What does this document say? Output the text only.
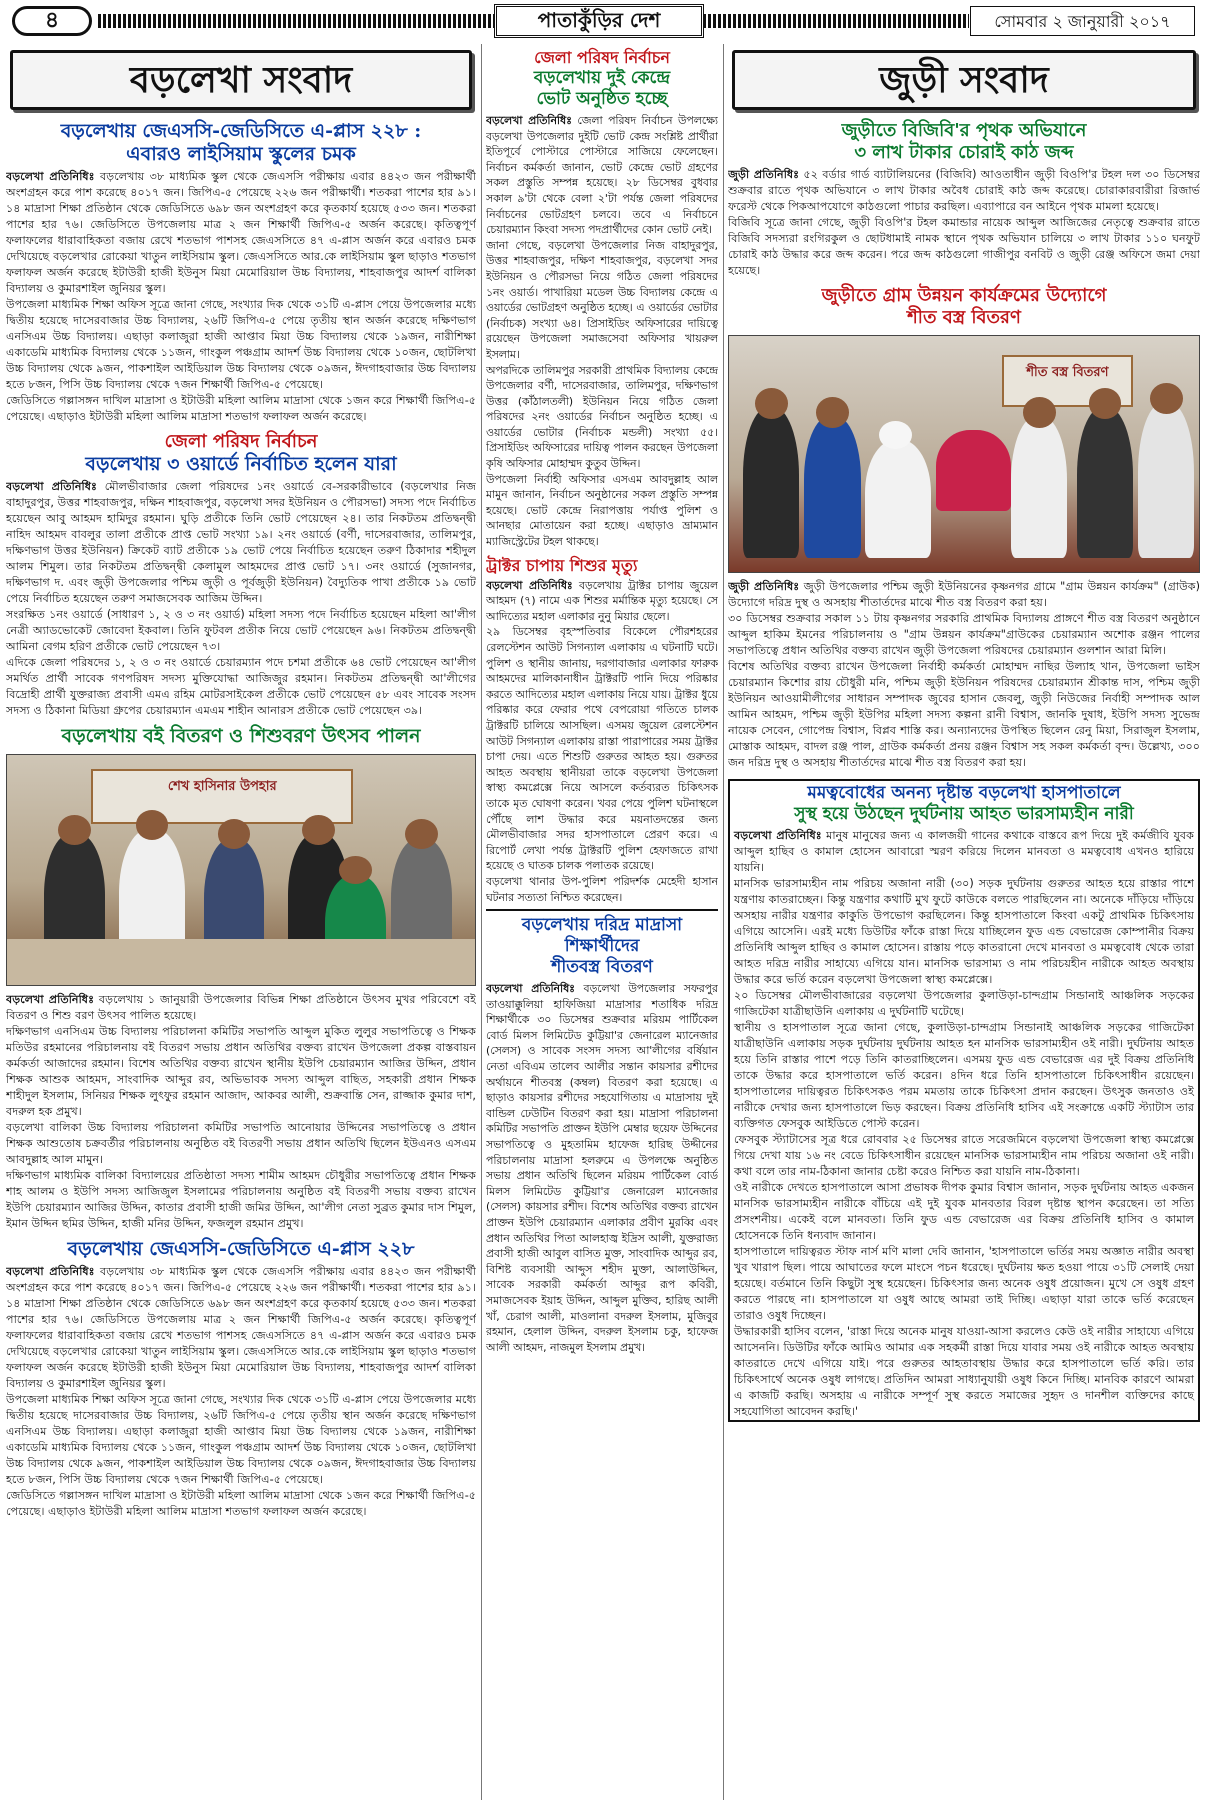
৪	পাতাকুঁড়ির দেশ	সোমবার ২ জানুয়ারী ২০১৭
বড়লেখা সংবাদ
বড়লেখায় জেএসসি-জেডিসিতে এ-প্লাস ২২৮ :
এবারও লাইসিয়াম স্কুলের চমক

বড়লেখা প্রতিনিধিঃ বড়লেখায় ৩৮ মাধ্যমিক স্কুল থেকে জেএসসি পরীক্ষায় এবার ৪৪২৩ জন পরীক্ষার্থী অংশগ্রহন করে পাশ করেছে ৪০১৭ জন। জিপিএ-৫ পেয়েছে ২২৬ জন পরীক্ষার্থী। শতকরা পাশের হার ৯১। ১৪ মাদ্রাসা শিক্ষা প্রতিষ্ঠান থেকে জেডিসিতে ৬৯৮ জন অংশগ্রহণ করে কৃতকার্য হয়েছে ৫৩৩ জন। শতকরা পাশের হার ৭৬। জেডিসিতে উপজেলায় মাত্র ২ জন শিক্ষার্থী জিপিএ-৫ অর্জন করেছে। কৃতিত্বপূর্ণ ফলাফলের ধারাবাহিকতা বজায় রেখে শতভাগ পাশসহ জেএসসিতে ৪৭ এ-প্লাস অর্জন করে এবারও চমক দেখিয়েছে বড়লেখার রোকেয়া খাতুন লাইসিয়াম স্কুল। জেএসসিতে আর.কে লাইসিয়াম স্কুল ছাড়াও শতভাগ ফলাফল অর্জন করেছে ইটাউরী হাজী ইউনুস মিয়া মেমোরিয়াল উচ্চ বিদ্যালয়, শাহবাজপুর আদর্শ বালিকা বিদ্যালয় ও কুমারশাইল জুনিয়র স্কুল।

উপজেলা মাধ্যমিক শিক্ষা অফিস সূত্রে জানা গেছে, সংখ্যার দিক থেকে ৩১টি এ-প্লাস পেয়ে উপজেলার মধ্যে দ্বিতীয় হয়েছে দাসেরবাজার উচ্চ বিদ্যালয়, ২৬টি জিপিএ-৫ পেয়ে তৃতীয় স্থান অর্জন করেছে দক্ষিণভাগ এনসিএম উচ্চ বিদ্যালয়। এছাড়া কলাজুরা হাজী আপ্তাব মিয়া উচ্চ বিদ্যালয় থেকে ১৯জন, নারীশিক্ষা একাডেমি মাধ্যমিক বিদ্যালয় থেকে ১১জন, গাংকুল পঞ্চগ্রাম আদর্শ উচ্চ বিদ্যালয় থেকে ১০জন, ছোটলিখা উচ্চ বিদ্যালয় থেকে ৯জন, পাকশাইল আইডিয়াল উচ্চ বিদ্যালয় থেকে ০৯জন, ঈদগাহবাজার উচ্চ বিদ্যালয় হতে ৮জন, পিসি উচ্চ বিদ্যালয় থেকে ৭জন শিক্ষার্থী জিপিএ-৫ পেয়েছে।

জেডিসিতে গল্লাসঙ্গন দাখিল মাদ্রাসা ও ইটাউরী মহিলা আলিম মাদ্রাসা থেকে ১জন করে শিক্ষার্থী জিপিএ-৫ পেয়েছে। এছাড়াও ইটাউরী মহিলা আলিম মাদ্রাসা শতভাগ ফলাফল অর্জন করেছে।

জেলা পরিষদ নির্বাচন
বড়লেখায় ৩ ওয়ার্ডে নির্বাচিত হলেন যারা

বড়লেখা প্রতিনিধিঃ মৌলভীবাজার জেলা পরিষদের ১নং ওয়ার্ডে বে-সরকারীভাবে (বড়লেখার নিজ বাহাদুরপুর, উত্তর শাহবাজপুর, দক্ষিন শাহবাজপুর, বড়লেখা সদর ইউনিয়ন ও পৌরসভা) সদস্য পদে নির্বাচিত হয়েছেন আবু আহমদ হামিদুর রহমান। ঘুড়ি প্রতীকে তিনি ভোট পেয়েছেন ২৪। তার নিকটতম প্রতিদ্বন্দ্বী নাহিদ আহমদ বাবলুর তালা প্রতীকে প্রাপ্ত ভোট সংখ্যা ১৯। ২নং ওয়ার্ডে (বর্ণী, দাসেরবাজার, তালিমপুর, দক্ষিণভাগ উত্তর ইউনিয়ন) ক্রিকেট ব্যাট প্রতীকে ১৯ ভোট পেয়ে নির্বাচিত হয়েছেন তরুণ ঠিকাদার শহীদুল আলম শিমুল। তার নিকটতম প্রতিদ্বন্দ্বী কেলামুল আহমদের প্রাপ্ত ভোট ১৭। ৩নং ওয়ার্ডে (সুজানগর, দক্ষিণভাগ দ. এবং জুড়ী উপজেলার পশ্চিম জুড়ী ও পূর্বজুড়ী ইউনিয়ন) বৈদ্যুতিক পাখা প্রতীকে ১৯ ভোট পেয়ে নির্বাচিত হয়েছেন তরুণ সমাজসেবক আজিম উদ্দিন।

সংরক্ষিত ১নং ওয়ার্ডে (সাধারণ ১, ২ ও ৩ নং ওয়ার্ড) মহিলা সদস্য পদে নির্বাচিত হয়েছেন মহিলা আ'লীগ নেত্রী অ্যাডভোকেট জোবেদা ইকবাল। তিনি ফুটবল প্রতীক নিয়ে ভোট পেয়েছেন ৯৬। নিকটতম প্রতিদ্বন্দ্বী আমিনা বেগম হরিণ প্রতীকে ভোট পেয়েছেন ৭৩।

এদিকে জেলা পরিষদের ১, ২ ও ৩ নং ওয়ার্ডে চেয়ারম্যান পদে চশমা প্রতীকে ৬৪ ভোট পেয়েছেন আ'লীগ সমর্থিত প্রার্থী সাবেক গণপরিষদ সদস্য মুক্তিযোদ্ধা আজিজুর রহমান। নিকটতম প্রতিদ্বন্দ্বী আ'লীগের বিদ্রোহী প্রার্থী যুক্তরাজ্য প্রবাসী এমএ রহিম মোটরসাইকেল প্রতীকে ভোট পেয়েছেন ৫৮ এবং সাবেক সংসদ সদস্য ও ঠিকানা মিডিয়া গ্রুপের চেয়ারম্যান এমএম শাহীন আনারস প্রতীকে ভোট পেয়েছেন ৩৯।

বড়লেখায় বই বিতরণ ও শিশুবরণ উৎসব পালন
শেখ হাসিনার উপহার

বড়লেখা প্রতিনিধিঃ বড়লেখায় ১ জানুয়ারী উপজেলার বিভিন্ন শিক্ষা প্রতিষ্ঠানে উৎসব মুখর পরিবেশে বই বিতরণ ও শিশু বরণ উৎসব পালিত হয়েছে।

দক্ষিণভাগ এনসিএম উচ্চ বিদ্যালয় পরিচালনা কমিটির সভাপতি আব্দুল মুকিত লুলুর সভাপতিত্বে ও শিক্ষক মতিউর রহমানের পরিচালনায় বই বিতরণ সভায় প্রধান অতিথির বক্তব্য রাখেন উপজেলা প্রকল্প বাস্তবায়ন কর্মকর্তা আজাদের রহমান। বিশেষ অতিথির বক্তব্য রাখেন স্থানীয় ইউপি চেয়ারম্যান আজির উদ্দিন, প্রধান শিক্ষক আশুক আহমদ, সাংবাদিক আব্দুর রব, অভিভাবক সদস্য আব্দুল বাছিত, সহকারী প্রধান শিক্ষক শাহীদুল ইসলাম, সিনিয়র শিক্ষক লুৎফুর রহমান আজাদ, আকবর আলী, শুক্রবান্তি সেন, রাজ্জাক কুমার দাশ, বদরুল হক প্রমুখ।

বড়লেখা বালিকা উচ্চ বিদ্যালয় পরিচালনা কমিটির সভাপতি আনোয়ার উদ্দিনের সভাপতিত্বে ও প্রধান শিক্ষক আশুতোষ চক্রবর্তীর পরিচালনায় অনুষ্ঠিত বই বিতরণী সভায় প্রধান অতিথি ছিলেন ইউএনও এসএম আবদুল্লাহ আল মামুন।

দক্ষিণভাগ মাধ্যমিক বালিকা বিদ্যালয়ের প্রতিষ্ঠাতা সদস্য শামীম আহমদ চৌধুরীর সভাপতিত্বে প্রধান শিক্ষক শাহ আলম ও ইউপি সদস্য আজিজুল ইসলামের পরিচালনায় অনুষ্ঠিত বই বিতরণী সভায় বক্তব্য রাখেন ইউপি চেয়ারম্যান আজির উদ্দিন, কাতার প্রবাসী হাজী জমির উদ্দিন, আ'লীগ নেতা সুব্রত কুমার দাস শিমুল, ইমান উদ্দিন ছমির উদ্দিন, হাজী মনির উদ্দিন, ফজলুল রহমান প্রমুখ।

বড়লেখায় জেএসসি-জেডিসিতে এ-প্লাস ২২৮

বড়লেখা প্রতিনিধিঃ বড়লেখায় ৩৮ মাধ্যমিক স্কুল থেকে জেএসসি পরীক্ষায় এবার ৪৪২৩ জন পরীক্ষার্থী অংশগ্রহন করে পাশ করেছে ৪০১৭ জন। জিপিএ-৫ পেয়েছে ২২৬ জন পরীক্ষার্থী। শতকরা পাশের হার ৯১। ১৪ মাদ্রাসা শিক্ষা প্রতিষ্ঠান থেকে জেডিসিতে ৬৯৮ জন অংশগ্রহণ করে কৃতকার্য হয়েছে ৫৩৩ জন। শতকরা পাশের হার ৭৬। জেডিসিতে উপজেলায় মাত্র ২ জন শিক্ষার্থী জিপিএ-৫ অর্জন করেছে। কৃতিত্বপূর্ণ ফলাফলের ধারাবাহিকতা বজায় রেখে শতভাগ পাশসহ জেএসসিতে ৪৭ এ-প্লাস অর্জন করে এবারও চমক দেখিয়েছে বড়লেখার রোকেয়া খাতুন লাইসিয়াম স্কুল। জেএসসিতে আর.কে লাইসিয়াম স্কুল ছাড়াও শতভাগ ফলাফল অর্জন করেছে ইটাউরী হাজী ইউনুস মিয়া মেমোরিয়াল উচ্চ বিদ্যালয়, শাহবাজপুর আদর্শ বালিকা বিদ্যালয় ও কুমারশাইল জুনিয়র স্কুল।

উপজেলা মাধ্যমিক শিক্ষা অফিস সূত্রে জানা গেছে, সংখ্যার দিক থেকে ৩১টি এ-প্লাস পেয়ে উপজেলার মধ্যে দ্বিতীয় হয়েছে দাসেরবাজার উচ্চ বিদ্যালয়, ২৬টি জিপিএ-৫ পেয়ে তৃতীয় স্থান অর্জন করেছে দক্ষিণভাগ এনসিএম উচ্চ বিদ্যালয়। এছাড়া কলাজুরা হাজী আপ্তাব মিয়া উচ্চ বিদ্যালয় থেকে ১৯জন, নারীশিক্ষা একাডেমি মাধ্যমিক বিদ্যালয় থেকে ১১জন, গাংকুল পঞ্চগ্রাম আদর্শ উচ্চ বিদ্যালয় থেকে ১০জন, ছোটলিখা উচ্চ বিদ্যালয় থেকে ৯জন, পাকশাইল আইডিয়াল উচ্চ বিদ্যালয় থেকে ০৯জন, ঈদগাহবাজার উচ্চ বিদ্যালয় হতে ৮জন, পিসি উচ্চ বিদ্যালয় থেকে ৭জন শিক্ষার্থী জিপিএ-৫ পেয়েছে।

জেডিসিতে গল্লাসঙ্গন দাখিল মাদ্রাসা ও ইটাউরী মহিলা আলিম মাদ্রাসা থেকে ১জন করে শিক্ষার্থী জিপিএ-৫ পেয়েছে। এছাড়াও ইটাউরী মহিলা আলিম মাদ্রাসা শতভাগ ফলাফল অর্জন করেছে।

জেলা পরিষদ নির্বাচন
বড়লেখায় দুই কেন্দ্রে
ভোট অনুষ্ঠিত হচ্ছে

বড়লেখা প্রতিনিধিঃ জেলা পরিষদ নির্বাচন উপলক্ষ্যে বড়লেখা উপজেলার দুইটি ভোট কেন্দ্র সংশ্লিষ্ট প্রার্থীরা ইতিপূর্বে পোস্টারে পোস্টারে সাজিয়ে ফেলেছেন। নির্বাচন কর্মকর্তা জানান, ভোট কেন্দ্রে ভোট গ্রহণের সকল প্রস্তুতি সম্পন্ন হয়েছে। ২৮ ডিসেম্বর বুধবার সকাল ৯'টা থেকে বেলা ২'টা পর্যন্ত জেলা পরিষদের নির্বাচনের ভোটগ্রহণ চলবে। তবে এ নির্বাচনে চেয়ারম্যান কিংবা সদস্য পদপ্রার্থীদের কোন ভোট নেই।

জানা গেছে, বড়লেখা উপজেলার নিজ বাহাদুরপুর, উত্তর শাহবাজপুর, দক্ষিণ শাহবাজপুর, বড়লেখা সদর ইউনিয়ন ও পৌরসভা নিয়ে গঠিত জেলা পরিষদের ১নং ওয়ার্ড। পাখারিয়া মডেল উচ্চ বিদ্যালয় কেন্দ্রে এ ওয়ার্ডের ভোটগ্রহণ অনুষ্ঠিত হচ্ছে। এ ওয়ার্ডের ভোটার (নির্বাচক) সংখ্যা ৬৪। প্রিসাইডিং অফিসারের দায়িত্বে রয়েছেন উপজেলা সমাজসেবা অফিসার খায়রুল ইসলাম।

অপরদিকে তালিমপুর সরকারী প্রাথমিক বিদ্যালয় কেন্দ্রে উপজেলার বর্ণী, দাসেরবাজার, তালিমপুর, দক্ষিণভাগ উত্তর (কাঁঠালতলী) ইউনিয়ন নিয়ে গঠিত জেলা পরিষদের ২নং ওয়ার্ডের নির্বাচন অনুষ্ঠিত হচ্ছে। এ ওয়ার্ডের ভোটার (নির্বাচক মন্ডলী) সংখ্যা ৫৫। প্রিসাইডিং অফিসারের দায়িত্ব পালন করছেন উপজেলা কৃষি অফিসার মোহাম্মদ কুতুব উদ্দিন।

উপজেলা নির্বাহী অফিসার এসএম আবদুল্লাহ আল মামুন জানান, নির্বাচন অনুষ্ঠানের সকল প্রস্তুতি সম্পন্ন হয়েছে। ভোট কেন্দ্রে নিরাপত্তায় পর্যাপ্ত পুলিশ ও আনছার মোতায়েন করা হচ্ছে। এছাড়াও ভ্রাম্যমান ম্যাজিস্ট্রেটের টহল থাকছে।

ট্রাক্টর চাপায় শিশুর মৃত্যু

বড়লেখা প্রতিনিধিঃ বড়লেখায় ট্রাক্টর চাপায় জুয়েল আহমদ (৭) নামে এক শিশুর মর্মান্তিক মৃত্যু হয়েছে। সে আদিত্যের মহাল এলাকার নুনু মিয়ার ছেলে।

২৯ ডিসেম্বর বৃহস্পতিবার বিকেলে পৌরশহরের রেলস্টেশন আউট সিগন্যাল এলাকায় এ ঘটনাটি ঘটে। পুলিশ ও স্থানীয় জানায়, দরগাবাজার এলাকার ফারুক আহমদের মালিকানাধীন ট্রাক্টরটি পানি দিয়ে পরিষ্কার করতে আদিত্যের মহাল এলাকায় নিয়ে যায়। ট্রাক্টর ধুয়ে পরিষ্কার করে ফেরার পথে বেপরোয়া গতিতে চালক ট্রাক্টরটি চালিয়ে আসছিল। এসময় জুয়েল রেলস্টেশন আউট সিগন্যাল এলাকায় রাস্তা পারাপারের সময় ট্রাক্টর চাপা দেয়। এতে শিশুটি গুরুতর আহত হয়। গুরুতর আহত অবস্থায় স্থানীয়রা তাকে বড়লেখা উপজেলা স্বাস্থ্য কমপ্লেক্সে নিয়ে আসলে কর্তব্যরত চিকিৎসক তাকে মৃত ঘোষণা করেন। খবর পেয়ে পুলিশ ঘটনাস্থলে পৌঁছে লাশ উদ্ধার করে ময়নাতদন্তের জন্য মৌলভীবাজার সদর হাসপাতালে প্রেরণ করে। এ রিপোর্ট লেখা পর্যন্ত ট্রাক্টরটি পুলিশ হেফাজতে রাখা হয়েছে ও ঘাতক চালক পলাতক রয়েছে।

বড়লেখা থানার উপ-পুলিশ পরিদর্শক মেহেদী হাসান ঘটনার সত্যতা নিশ্চিত করেছেন।

বড়লেখায় দরিদ্র মাদ্রাসা
শিক্ষার্থীদের
শীতবস্ত্র বিতরণ

বড়লেখা প্রতিনিধিঃ বড়লেখা উপজেলার সফরপুর তাওয়াক্কুলিয়া হাফিজিয়া মাদ্রাসার শতাধিক দরিদ্র শিক্ষার্থীকে ৩০ ডিসেম্বর শুক্রবার মরিয়ম পার্টিকেল বোর্ড মিলস লিমিটেড কুট্টিয়া'র জেনারেল ম্যানেজার (সেলস) ও সাবেক সংসদ সদস্য আ'লীগের বর্ষিয়ান নেতা এবিএম তালেব আলীর সন্তান কায়সার রশীদের অর্থায়নে শীতবস্ত্র (কম্বল) বিতরণ করা হয়েছে। এ ছাড়াও কায়সার রশীদের সহযোগিতায় এ মাদ্রাসায় দুই বান্ডিল ঢেউটিন বিতরণ করা হয়। মাদ্রাসা পরিচালনা কমিটির সভাপতি প্রাক্তন ইউপি মেম্বার ছয়েফ উদ্দিনের সভাপতিত্বে ও মুহতামিম হাফেজ হারিছ উদ্দীনের পরিচালনায় মাদ্রাসা হলরুমে এ উপলক্ষে অনুষ্ঠিত সভায় প্রধান অতিথি ছিলেন মরিয়ম পার্টিকেল বোর্ড মিলস লিমিটেড কুট্টিয়া'র জেনারেল ম্যানেজার (সেলস) কায়সার রশীদ। বিশেষ অতিথির বক্তব্য রাখেন প্রাক্তন ইউপি চেয়ারম্যান এলাকার প্রবীণ মুরব্বি এবং প্রধান অতিথির পিতা আলহাজ্ব ইদ্রিস আলী, যুক্তরাজ্য প্রবাসী হাজী আবুল বাসিত মুক্ত, সাংবাদিক আব্দুর রব, বিশিষ্ট ব্যবসায়ী আব্দুস শহীদ মুক্তা, আলাউদ্দিন, সাবেক সরকারী কর্মকর্তা আব্দুর রূপ কবিরী, সমাজসেবক ইয়াহ উদ্দিন, আব্দুল মুক্তিব, হারিছ আলী খাঁ, চেরাগ আলী, মাওলানা বদরুল ইসলাম, মুজিবুর রহমান, হেলাল উদ্দিন, বদরুল ইসলাম চকু, হাফেজ আলী আহমদ, নাজমুল ইসলাম প্রমুখ।

জুড়ী সংবাদ
জুড়ীতে বিজিবি'র পৃথক অভিযানে
৩ লাখ টাকার চোরাই কাঠ জব্দ

জুড়ী প্রতিনিধিঃ ৫২ বর্ডার গার্ড ব্যাটালিয়নের (বিজিবি) আওতাধীন জুড়ী বিওপি'র টহল দল ৩০ ডিসেম্বর শুক্রবার রাতে পৃথক অভিযানে ৩ লাখ টাকার অবৈধ চোরাই কাঠ জব্দ করেছে। চোরাকারবারীরা রিজার্ভ ফরেস্ট থেকে পিকআপযোগে কাঠগুলো পাচার করছিল। এব্যাপারে বন আইনে পৃথক মামলা হয়েছে।

বিজিবি সূত্রে জানা গেছে, জুড়ী বিওপি'র টহল কমান্ডার নায়েক আব্দুল আজিজের নেতৃত্বে শুক্রবার রাতে বিজিবি সদস্যরা রংগিরকুল ও ছোটধামাই নামক স্থানে পৃথক অভিযান চালিয়ে ৩ লাখ টাকার ১১০ ঘনফুট চোরাই কাঠ উদ্ধার করে জব্দ করেন। পরে জব্দ কাঠগুলো গাজীপুর বনবিট ও জুড়ী রেঞ্জ অফিসে জমা দেয়া হয়েছে।

জুড়ীতে গ্রাম উন্নয়ন কার্যক্রমের উদ্যোগে
শীত বস্ত্র বিতরণ
শীত বস্ত্র বিতরণ

জুড়ী প্রতিনিধিঃ জুড়ী উপজেলার পশ্চিম জুড়ী ইউনিয়নের কৃষ্ণনগর গ্রামে "গ্রাম উন্নয়ন কার্যক্রম" (গ্রাউক) উদ্যোগে দরিদ্র দুস্থ ও অসহায় শীতার্তদের মাঝে শীত বস্ত্র বিতরণ করা হয়।

৩০ ডিসেম্বর শুক্রবার সকাল ১১ টায় কৃষ্ণনগর সরকারি প্রাথমিক বিদ্যালয় প্রাঙ্গণে শীত বস্ত্র বিতরণ অনুষ্ঠানে আব্দুল হাকিম ইমনের পরিচালনায় ও "গ্রাম উন্নয়ন কার্যক্রম"গ্রাউকের চেয়ারম্যান অশোক রঞ্জন পালের সভাপতিত্বে প্রধান অতিথির বক্তব্য রাখেন জুড়ী উপজেলা পরিষদের চেয়ারম্যান গুলশান আরা মিলি।

বিশেষ অতিথির বক্তব্য রাখেন উপজেলা নির্বাহী কর্মকর্তা মোহাম্মদ নাছির উল্যাহ খান, উপজেলা ভাইস চেয়ারম্যান কিশোর রায় চৌধুরী মনি, পশ্চিম জুড়ী ইউনিয়ন পরিষদের চেয়ারম্যান শ্রীকান্ত দাস, পশ্চিম জুড়ী ইউনিয়ন আওয়ামীলীগের সাধারন সম্পাদক জুবের হাসান জেবলু, জুড়ী নিউজের নির্বাহী সম্পাদক আল আমিন আহমদ, পশ্চিম জুড়ী ইউপির মহিলা সদস্য কল্পনা রানী বিশ্বাস, জানকি দুষাধ, ইউপি সদস্য সুভেন্দ্র নায়েক সেবেন, গোপেন্দ্র বিশ্বাস, বিপ্লব শাস্তি কর। অন্যান্যদের উপস্থিত ছিলেন রেনু মিয়া, সিরাজুল ইসলাম, মোস্তাক আহমদ, বাদল রঞ্জ পাল, গ্রাউক কর্মকর্তা প্রনয় রঞ্জন বিশ্বাস সহ সকল কর্মকর্তা বৃন্দ। উল্লেখ্য, ৩০০ জন দরিদ্র দুস্থ ও অসহায় শীতার্তদের মাঝে শীত বস্ত্র বিতরণ করা হয়।

মমত্ববোধের অনন্য দৃষ্টান্ত বড়লেখা হাসপাতালে
সুস্থ হয়ে উঠছেন দুর্ঘটনায় আহত ভারসাম্যহীন নারী

বড়লেখা প্রতিনিধিঃ মানুষ মানুষের জন্য এ কালজয়ী গানের কথাকে বাস্তবে রূপ দিয়ে দুই কর্মজীবি যুবক আব্দুল হাছিব ও কামাল হোসেন আবারো স্মরণ করিয়ে দিলেন মানবতা ও মমত্ববোধ এখনও হারিয়ে যায়নি।

মানসিক ভারসাম্যহীন নাম পরিচয় অজানা নারী (৩০) সড়ক দুর্ঘটনায় গুরুতর আহত হয়ে রাস্তার পাশে যন্ত্রণায় কাতরাচ্ছেন। কিন্তু যন্ত্রণার কথাটি মুখ ফুটে কাউকে বলতে পারছিলেন না। অনেকে দাঁড়িয়ে দাঁড়িয়ে অসহায় নারীর যন্ত্রণার কাকুতি উপভোগ করছিলেন। কিন্তু হাসপাতালে কিংবা একটু প্রাথমিক চিকিৎসায় এগিয়ে আসেনি। এরই মধ্যে ডিউটির ফাঁকে রাস্তা দিয়ে যাচ্ছিলেন ফুড এন্ড বেভারেজ কোম্পানীর বিক্রয় প্রতিনিধি আব্দুল হাছিব ও কামাল হোসেন। রাস্তায় পড়ে কাতরানো দেখে মানবতা ও মমত্ববোধ থেকে তারা আহত দরিদ্র নারীর সাহায্যে এগিয়ে যান। মানসিক ভারসাম্য ও নাম পরিচয়হীন নারীকে আহত অবস্থায় উদ্ধার করে ভর্তি করেন বড়লেখা উপজেলা স্বাস্থ্য কমপ্লেক্সে।

২০ ডিসেম্বর মৌলভীবাজারের বড়লেখা উপজেলার কুলাউড়া-চান্দগ্রাম সিন্ডানাই আঞ্চলিক সড়কের গাজিটেকা যাত্রীছাউনি এলাকায় এ দুর্ঘটনাটি ঘটেছে।

স্থানীয় ও হাসপাতাল সূত্রে জানা গেছে, কুলাউড়া-চান্দগ্রাম সিন্ডানাই আঞ্চলিক সড়কের গাজিটেকা যাত্রীছাউনি এলাকায় সড়ক দুর্ঘটনায় দুর্ঘটনায় আহত হন মানসিক ভারসাম্যহীন ওই নারী। দুর্ঘটনায় আহত হয়ে তিনি রাস্তার পাশে পড়ে তিনি কাতরাচ্ছিলেন। এসময় ফুড এন্ড বেভারেজ এর দুই বিক্রয় প্রতিনিধি তাকে উদ্ধার করে হাসপাতালে ভর্তি করেন। ৪দিন ধরে তিনি হাসপাতালে চিকিৎসাধীন রয়েছেন। হাসপাতালের দায়িত্বরত চিকিৎসকও পরম মমতায় তাকে চিকিৎসা প্রদান করছেন। উৎসুক জনতাও ওই নারীকে দেখার জন্য হাসপাতালে ভিড় করছেন। বিক্রয় প্রতিনিধি হাসিব এই সংক্রান্তে একটি স্ট্যাটাস তার ব্যক্তিগত ফেসবুক আইডিতে পোস্ট করেন।

ফেসবুক স্ট্যাটাসের সূত্র ধরে রোববার ২৫ ডিসেম্বর রাতে সরেজমিনে বড়লেখা উপজেলা স্বাস্থ্য কমপ্লেক্সে গিয়ে দেখা যায় ১৬ নং বেডে চিকিৎসাধীন রয়েছেন মানসিক ভারসাম্যহীন নাম পরিচয় অজানা ওই নারী। কথা বলে তার নাম-ঠিকানা জানার চেষ্টা করেও নিশ্চিত করা যায়নি নাম-ঠিকানা।

ওই নারীকে দেখতে হাসপাতালে আসা প্রভাষক দীপক কুমার বিশ্বাস জানান, সড়ক দুর্ঘটনায় আহত একজন মানসিক ভারসাম্যহীন নারীকে বাঁচিয়ে এই দুই যুবক মানবতার বিরল দৃষ্টান্ত স্থাপন করেছেন। তা সত্যি প্রসংশনীয়। একেই বলে মানবতা। তিনি ফুড এন্ড বেভারেজ এর বিক্রয় প্রতিনিধি হাসিব ও কামাল হোসেনকে তিনি ধন্যবাদ জানান।

হাসপাতালে দায়িত্বরত স্টাফ নার্স মণি মালা দেবি জানান, 'হাসপাতালে ভর্তির সময় অজ্ঞাত নারীর অবস্থা খুব খারাপ ছিল। পায়ে আঘাতের ফলে মাংসে পচন ধরেছে। দুর্ঘটনায় ক্ষত হওয়া পায়ে ৩১টি সেলাই দেয়া হয়েছে। বর্তমানে তিনি কিছুটা সুস্থ হয়েছেন। চিকিৎসার জন্য অনেক ওষুধ প্রয়োজন। মুখে সে ওষুধ গ্রহণ করতে পারছে না। হাসপাতালে যা ওষুধ আছে আমরা তাই দিচ্ছি। এছাড়া যারা তাকে ভর্তি করেছেন তারাও ওষুধ দিচ্ছেন।

উদ্ধারকারী হাসিব বলেন, 'রাস্তা দিয়ে অনেক মানুষ যাওয়া-আসা করলেও কেউ ওই নারীর সাহায্যে এগিয়ে আসেননি। ডিউটির ফাঁকে আমিও আমার এক সহকর্মী রাস্তা দিয়ে যাবার সময় ওই নারীকে আহত অবস্থায় কাতরাতে দেখে এগিয়ে যাই। পরে গুরুতর আহতাবস্থায় উদ্ধার করে হাসপাতালে ভর্তি করি। তার চিকিৎসার্থে অনেক ওষুধ লাগছে। প্রতিদিন আমরা সাধ্যানুযায়ী ওষুধ কিনে দিচ্ছি। মানবিক কারণে আমরা এ কাজটি করছি। অসহায় এ নারীকে সম্পূর্ণ সুস্থ করতে সমাজের সুহৃদ ও দানশীল ব্যক্তিদের কাছে সহযোগিতা আবেদন করছি।'
